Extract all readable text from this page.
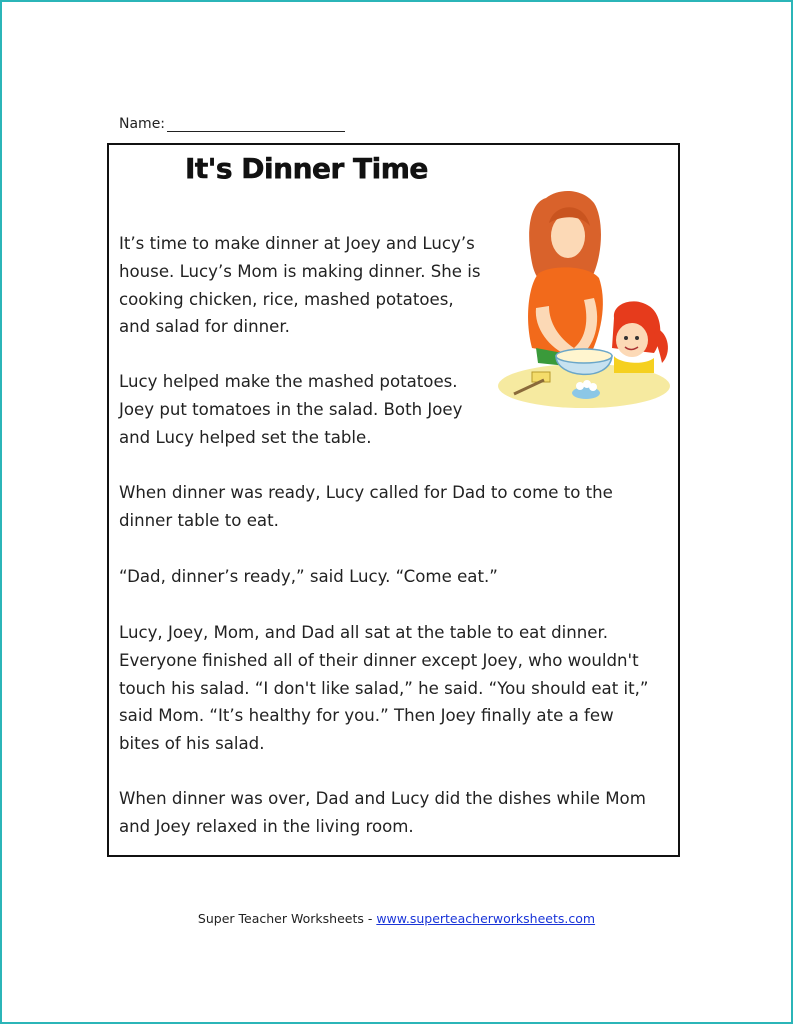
Name:
It's Dinner Time
It’s time to make dinner at Joey and Lucy’s
house. Lucy’s Mom is making dinner. She is
cooking chicken, rice, mashed potatoes,
and salad for dinner.
Lucy helped make the mashed potatoes.
Joey put tomatoes in the salad. Both Joey
and Lucy helped set the table.
When dinner was ready, Lucy called for Dad to come to the
dinner table to eat.
“Dad, dinner’s ready,” said Lucy. “Come eat.”
Lucy, Joey, Mom, and Dad all sat at the table to eat dinner.
Everyone finished all of their dinner except Joey, who wouldn't
touch his salad. “I don't like salad,” he said. “You should eat it,”
said Mom. “It’s healthy for you.” Then Joey finally ate a few
bites of his salad.
When dinner was over, Dad and Lucy did the dishes while Mom
and Joey relaxed in the living room.
Super Teacher Worksheets - www.superteacherworksheets.com
